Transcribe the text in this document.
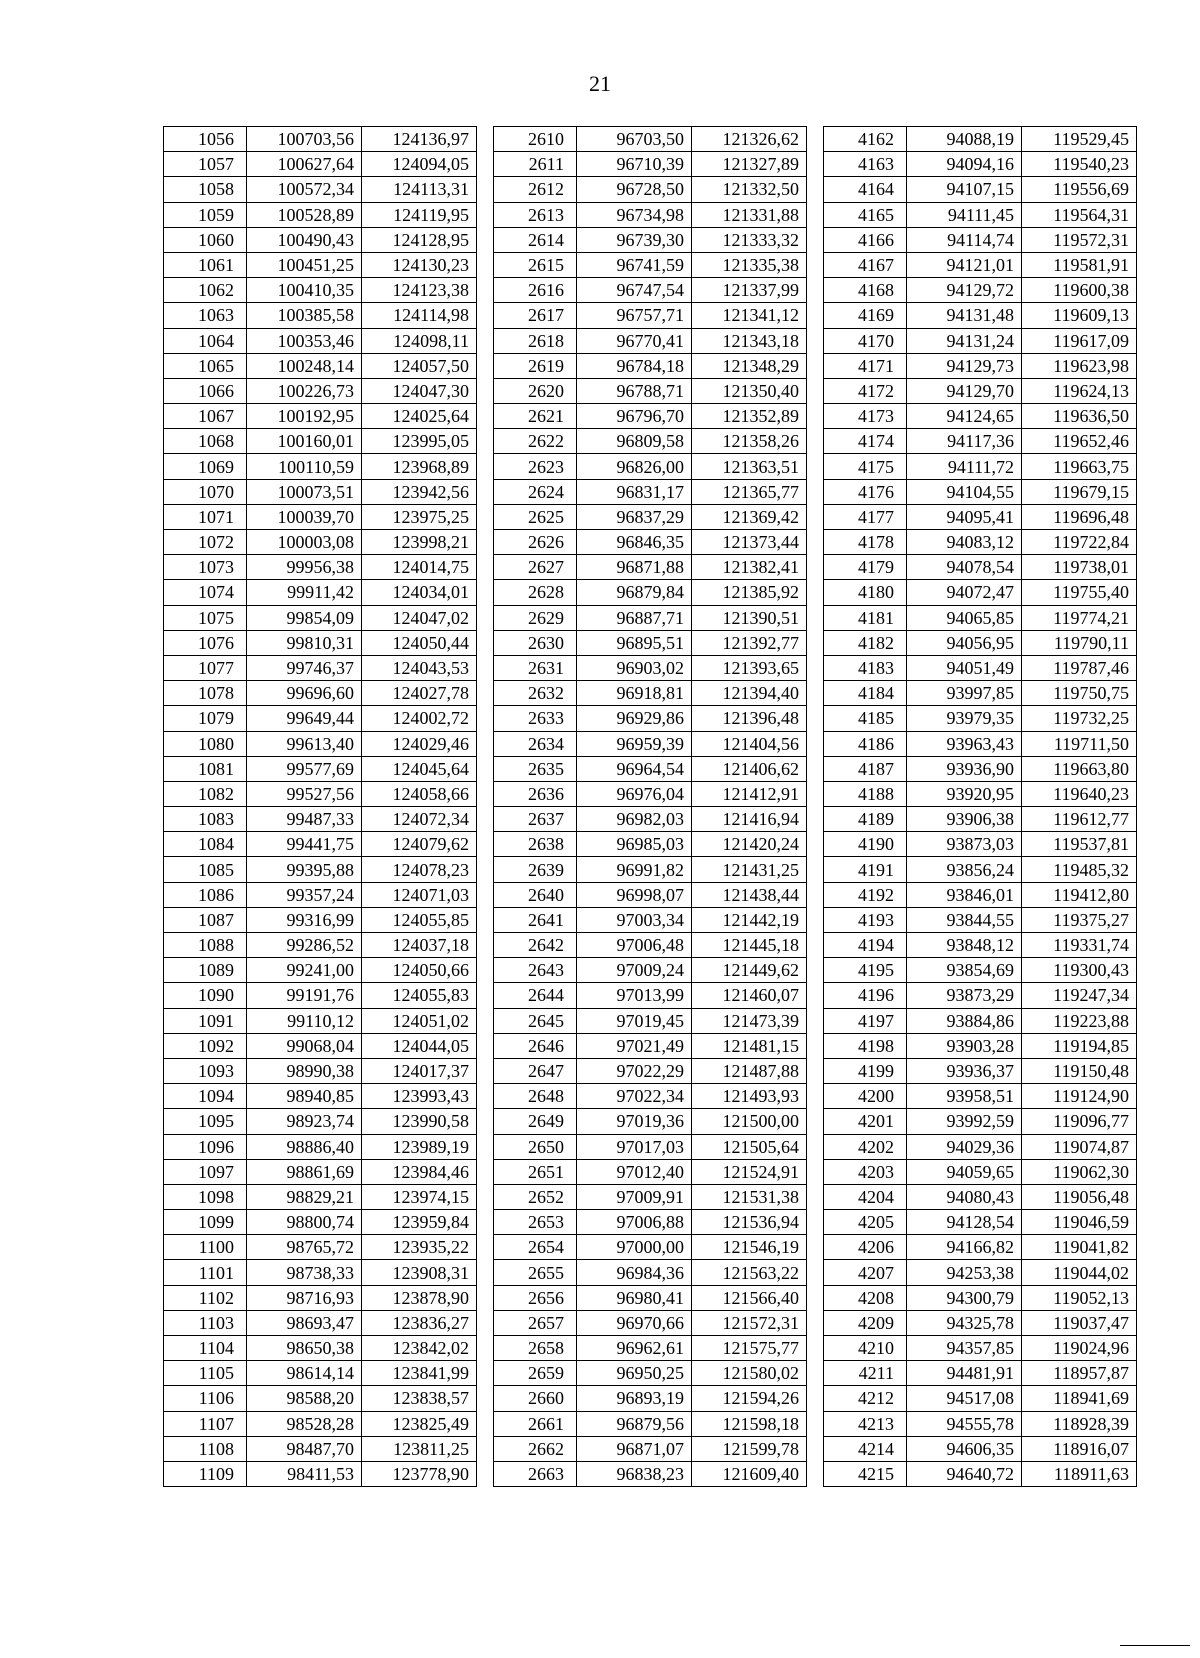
21
1056	100703,56	124136,97
1057	100627,64	124094,05
1058	100572,34	124113,31
1059	100528,89	124119,95
1060	100490,43	124128,95
1061	100451,25	124130,23
1062	100410,35	124123,38
1063	100385,58	124114,98
1064	100353,46	124098,11
1065	100248,14	124057,50
1066	100226,73	124047,30
1067	100192,95	124025,64
1068	100160,01	123995,05
1069	100110,59	123968,89
1070	100073,51	123942,56
1071	100039,70	123975,25
1072	100003,08	123998,21
1073	99956,38	124014,75
1074	99911,42	124034,01
1075	99854,09	124047,02
1076	99810,31	124050,44
1077	99746,37	124043,53
1078	99696,60	124027,78
1079	99649,44	124002,72
1080	99613,40	124029,46
1081	99577,69	124045,64
1082	99527,56	124058,66
1083	99487,33	124072,34
1084	99441,75	124079,62
1085	99395,88	124078,23
1086	99357,24	124071,03
1087	99316,99	124055,85
1088	99286,52	124037,18
1089	99241,00	124050,66
1090	99191,76	124055,83
1091	99110,12	124051,02
1092	99068,04	124044,05
1093	98990,38	124017,37
1094	98940,85	123993,43
1095	98923,74	123990,58
1096	98886,40	123989,19
1097	98861,69	123984,46
1098	98829,21	123974,15
1099	98800,74	123959,84
1100	98765,72	123935,22
1101	98738,33	123908,31
1102	98716,93	123878,90
1103	98693,47	123836,27
1104	98650,38	123842,02
1105	98614,14	123841,99
1106	98588,20	123838,57
1107	98528,28	123825,49
1108	98487,70	123811,25
1109	98411,53	123778,90
2610	96703,50	121326,62
2611	96710,39	121327,89
2612	96728,50	121332,50
2613	96734,98	121331,88
2614	96739,30	121333,32
2615	96741,59	121335,38
2616	96747,54	121337,99
2617	96757,71	121341,12
2618	96770,41	121343,18
2619	96784,18	121348,29
2620	96788,71	121350,40
2621	96796,70	121352,89
2622	96809,58	121358,26
2623	96826,00	121363,51
2624	96831,17	121365,77
2625	96837,29	121369,42
2626	96846,35	121373,44
2627	96871,88	121382,41
2628	96879,84	121385,92
2629	96887,71	121390,51
2630	96895,51	121392,77
2631	96903,02	121393,65
2632	96918,81	121394,40
2633	96929,86	121396,48
2634	96959,39	121404,56
2635	96964,54	121406,62
2636	96976,04	121412,91
2637	96982,03	121416,94
2638	96985,03	121420,24
2639	96991,82	121431,25
2640	96998,07	121438,44
2641	97003,34	121442,19
2642	97006,48	121445,18
2643	97009,24	121449,62
2644	97013,99	121460,07
2645	97019,45	121473,39
2646	97021,49	121481,15
2647	97022,29	121487,88
2648	97022,34	121493,93
2649	97019,36	121500,00
2650	97017,03	121505,64
2651	97012,40	121524,91
2652	97009,91	121531,38
2653	97006,88	121536,94
2654	97000,00	121546,19
2655	96984,36	121563,22
2656	96980,41	121566,40
2657	96970,66	121572,31
2658	96962,61	121575,77
2659	96950,25	121580,02
2660	96893,19	121594,26
2661	96879,56	121598,18
2662	96871,07	121599,78
2663	96838,23	121609,40
4162	94088,19	119529,45
4163	94094,16	119540,23
4164	94107,15	119556,69
4165	94111,45	119564,31
4166	94114,74	119572,31
4167	94121,01	119581,91
4168	94129,72	119600,38
4169	94131,48	119609,13
4170	94131,24	119617,09
4171	94129,73	119623,98
4172	94129,70	119624,13
4173	94124,65	119636,50
4174	94117,36	119652,46
4175	94111,72	119663,75
4176	94104,55	119679,15
4177	94095,41	119696,48
4178	94083,12	119722,84
4179	94078,54	119738,01
4180	94072,47	119755,40
4181	94065,85	119774,21
4182	94056,95	119790,11
4183	94051,49	119787,46
4184	93997,85	119750,75
4185	93979,35	119732,25
4186	93963,43	119711,50
4187	93936,90	119663,80
4188	93920,95	119640,23
4189	93906,38	119612,77
4190	93873,03	119537,81
4191	93856,24	119485,32
4192	93846,01	119412,80
4193	93844,55	119375,27
4194	93848,12	119331,74
4195	93854,69	119300,43
4196	93873,29	119247,34
4197	93884,86	119223,88
4198	93903,28	119194,85
4199	93936,37	119150,48
4200	93958,51	119124,90
4201	93992,59	119096,77
4202	94029,36	119074,87
4203	94059,65	119062,30
4204	94080,43	119056,48
4205	94128,54	119046,59
4206	94166,82	119041,82
4207	94253,38	119044,02
4208	94300,79	119052,13
4209	94325,78	119037,47
4210	94357,85	119024,96
4211	94481,91	118957,87
4212	94517,08	118941,69
4213	94555,78	118928,39
4214	94606,35	118916,07
4215	94640,72	118911,63
